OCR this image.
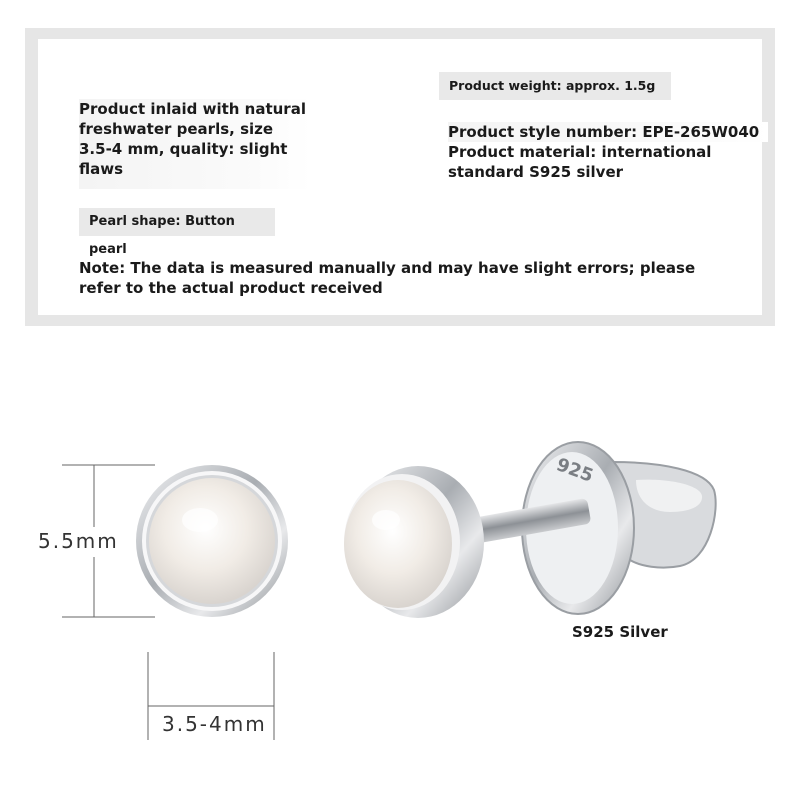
Product inlaid with natural freshwater pearls, size 3.5-4 mm, quality: slight flaws
Product weight: approx. 1.5g
Product style number: EPE-265W040
Product material: international standard S925 silver
Pearl shape: Button pearl
Note: The data is measured manually and may have slight errors; please refer to the actual product received
5.5mm
3.5-4mm
925
S925 Silver
